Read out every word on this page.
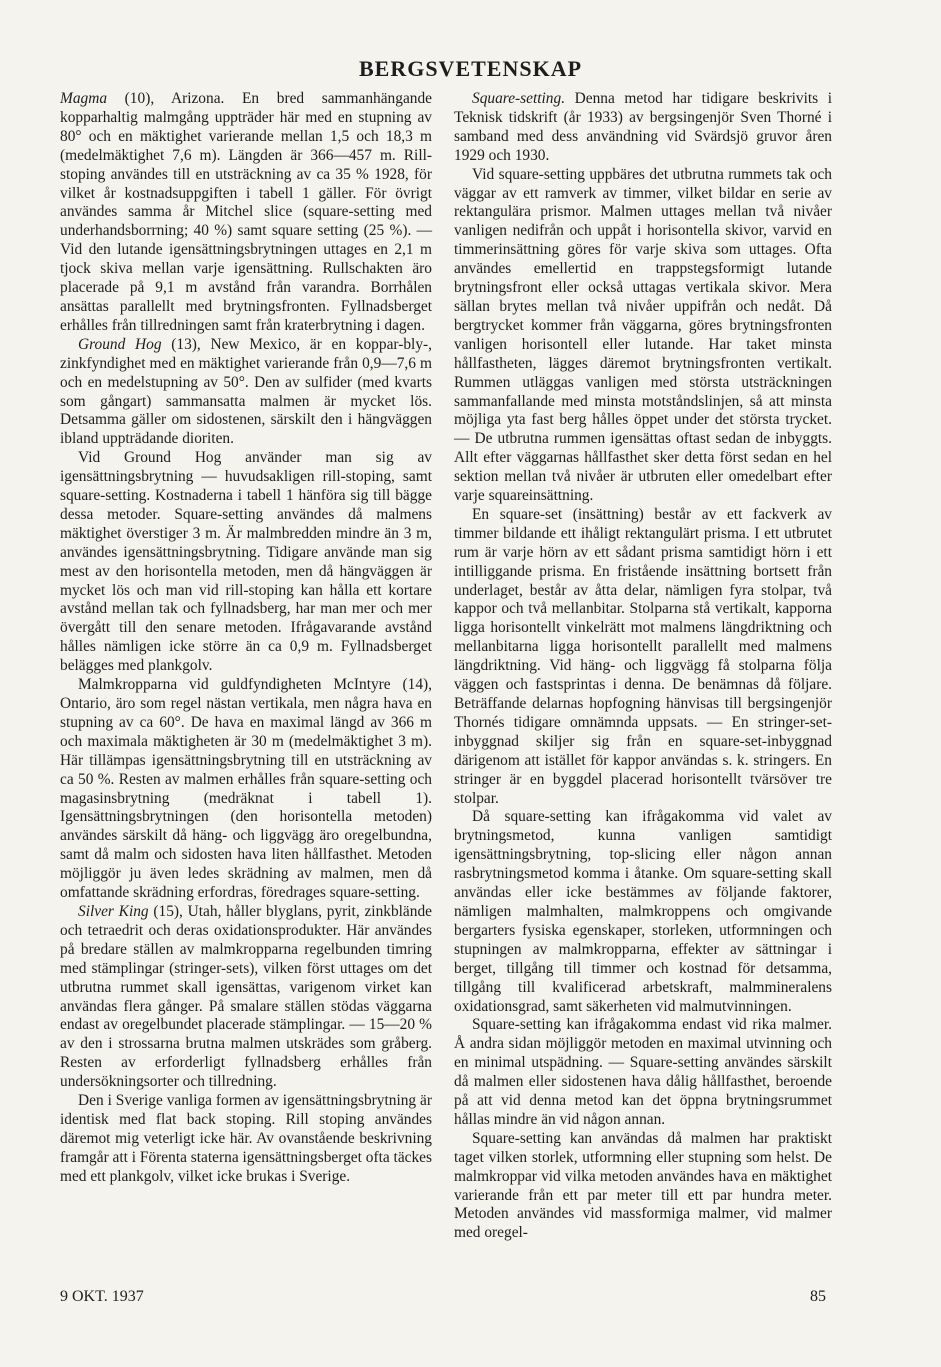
BERGSVETENSKAP

Magma (10), Arizona. En bred sammanhängande kopparhaltig malmgång uppträder här med en stupning av 80° och en mäktighet varierande mellan 1,5 och 18,3 m (medelmäktighet 7,6 m). Längden är 366—457 m. Rill-stoping användes till en utsträckning av ca 35 % 1928, för vilket år kostnadsuppgiften i tabell 1 gäller. För övrigt användes samma år Mitchel slice (square-setting med underhandsborrning; 40 %) samt square setting (25 %). — Vid den lutande igensättningsbrytningen uttages en 2,1 m tjock skiva mellan varje igensättning. Rullschakten äro placerade på 9,1 m avstånd från varandra. Borrhålen ansättas parallellt med brytningsfronten. Fyllnadsberget erhålles från tillredningen samt från kraterbrytning i dagen.

Ground Hog (13), New Mexico, är en koppar-bly-, zinkfyndighet med en mäktighet varierande från 0,9—7,6 m och en medelstupning av 50°. Den av sulfider (med kvarts som gångart) sammansatta malmen är mycket lös. Detsamma gäller om sidostenen, särskilt den i hängväggen ibland uppträdande dioriten.

Vid Ground Hog använder man sig av igensättningsbrytning — huvudsakligen rill-stoping, samt square-setting. Kostnaderna i tabell 1 hänföra sig till bägge dessa metoder. Square-setting användes då malmens mäktighet överstiger 3 m. Är malmbredden mindre än 3 m, användes igensättningsbrytning. Tidigare använde man sig mest av den horisontella metoden, men då hängväggen är mycket lös och man vid rill-stoping kan hålla ett kortare avstånd mellan tak och fyllnadsberg, har man mer och mer övergått till den senare metoden. Ifrågavarande avstånd hålles nämligen icke större än ca 0,9 m. Fyllnadsberget belägges med plankgolv.

Malmkropparna vid guldfyndigheten McIntyre (14), Ontario, äro som regel nästan vertikala, men några hava en stupning av ca 60°. De hava en maximal längd av 366 m och maximala mäktigheten är 30 m (medelmäktighet 3 m). Här tillämpas igensättningsbrytning till en utsträckning av ca 50 %. Resten av malmen erhålles från square-setting och magasinsbrytning (medräknat i tabell 1). Igensättningsbrytningen (den horisontella metoden) användes särskilt då häng- och liggvägg äro oregelbundna, samt då malm och sidosten hava liten hållfasthet. Metoden möjliggör ju även ledes skrädning av malmen, men då omfattande skrädning erfordras, föredrages square-setting.

Silver King (15), Utah, håller blyglans, pyrit, zinkblände och tetraedrit och deras oxidationsprodukter. Här användes på bredare ställen av malmkropparna regelbunden timring med stämplingar (stringer-sets), vilken först uttages om det utbrutna rummet skall igensättas, varigenom virket kan användas flera gånger. På smalare ställen stödas väggarna endast av oregelbundet placerade stämplingar. — 15—20 % av den i strossarna brutna malmen utskrädes som gråberg. Resten av erforderligt fyllnadsberg erhålles från undersökningsorter och tillredning.

Den i Sverige vanliga formen av igensättningsbrytning är identisk med flat back stoping. Rill stoping användes däremot mig veterligt icke här. Av ovanstående beskrivning framgår att i Förenta staterna igensättningsberget ofta täckes med ett plankgolv, vilket icke brukas i Sverige.

Square-setting. Denna metod har tidigare beskrivits i Teknisk tidskrift (år 1933) av bergsingenjör Sven Thorné i samband med dess användning vid Svärdsjö gruvor åren 1929 och 1930.

Vid square-setting uppbäres det utbrutna rummets tak och väggar av ett ramverk av timmer, vilket bildar en serie av rektangulära prismor. Malmen uttages mellan två nivåer vanligen nedifrån och uppåt i horisontella skivor, varvid en timmerinsättning göres för varje skiva som uttages. Ofta användes emellertid en trappstegsformigt lutande brytningsfront eller också uttagas vertikala skivor. Mera sällan brytes mellan två nivåer uppifrån och nedåt. Då bergtrycket kommer från väggarna, göres brytningsfronten vanligen horisontell eller lutande. Har taket minsta hållfastheten, lägges däremot brytningsfronten vertikalt. Rummen utläggas vanligen med största utsträckningen sammanfallande med minsta motståndslinjen, så att minsta möjliga yta fast berg hålles öppet under det största trycket. — De utbrutna rummen igensättas oftast sedan de inbyggts. Allt efter väggarnas hållfasthet sker detta först sedan en hel sektion mellan två nivåer är utbruten eller omedelbart efter varje squareinsättning.

En square-set (insättning) består av ett fackverk av timmer bildande ett ihåligt rektangulärt prisma. I ett utbrutet rum är varje hörn av ett sådant prisma samtidigt hörn i ett intilliggande prisma. En fristående insättning bortsett från underlaget, består av åtta delar, nämligen fyra stolpar, två kappor och två mellanbitar. Stolparna stå vertikalt, kapporna ligga horisontellt vinkelrätt mot malmens längdriktning och mellanbitarna ligga horisontellt parallellt med malmens längdriktning. Vid häng- och liggvägg få stolparna följa väggen och fastsprintas i denna. De benämnas då följare. Beträffande delarnas hopfogning hänvisas till bergsingenjör Thornés tidigare omnämnda uppsats. — En stringer-set-inbyggnad skiljer sig från en square-set-inbyggnad därigenom att istället för kappor användas s. k. stringers. En stringer är en byggdel placerad horisontellt tvärsöver tre stolpar.

Då square-setting kan ifrågakomma vid valet av brytningsmetod, kunna vanligen samtidigt igensättningsbrytning, top-slicing eller någon annan rasbrytningsmetod komma i åtanke. Om square-setting skall användas eller icke bestämmes av följande faktorer, nämligen malmhalten, malmkroppens och omgivande bergarters fysiska egenskaper, storleken, utformningen och stupningen av malmkropparna, effekter av sättningar i berget, tillgång till timmer och kostnad för detsamma, tillgång till kvalificerad arbetskraft, malmmineralens oxidationsgrad, samt säkerheten vid malmutvinningen.

Square-setting kan ifrågakomma endast vid rika malmer. Å andra sidan möjliggör metoden en maximal utvinning och en minimal utspädning. — Square-setting användes särskilt då malmen eller sidostenen hava dålig hållfasthet, beroende på att vid denna metod kan det öppna brytningsrummet hållas mindre än vid någon annan.

Square-setting kan användas då malmen har praktiskt taget vilken storlek, utformning eller stupning som helst. De malmkroppar vid vilka metoden användes hava en mäktighet varierande från ett par meter till ett par hundra meter. Metoden användes vid massformiga malmer, vid malmer med oregel-

9 OKT. 1937	85
